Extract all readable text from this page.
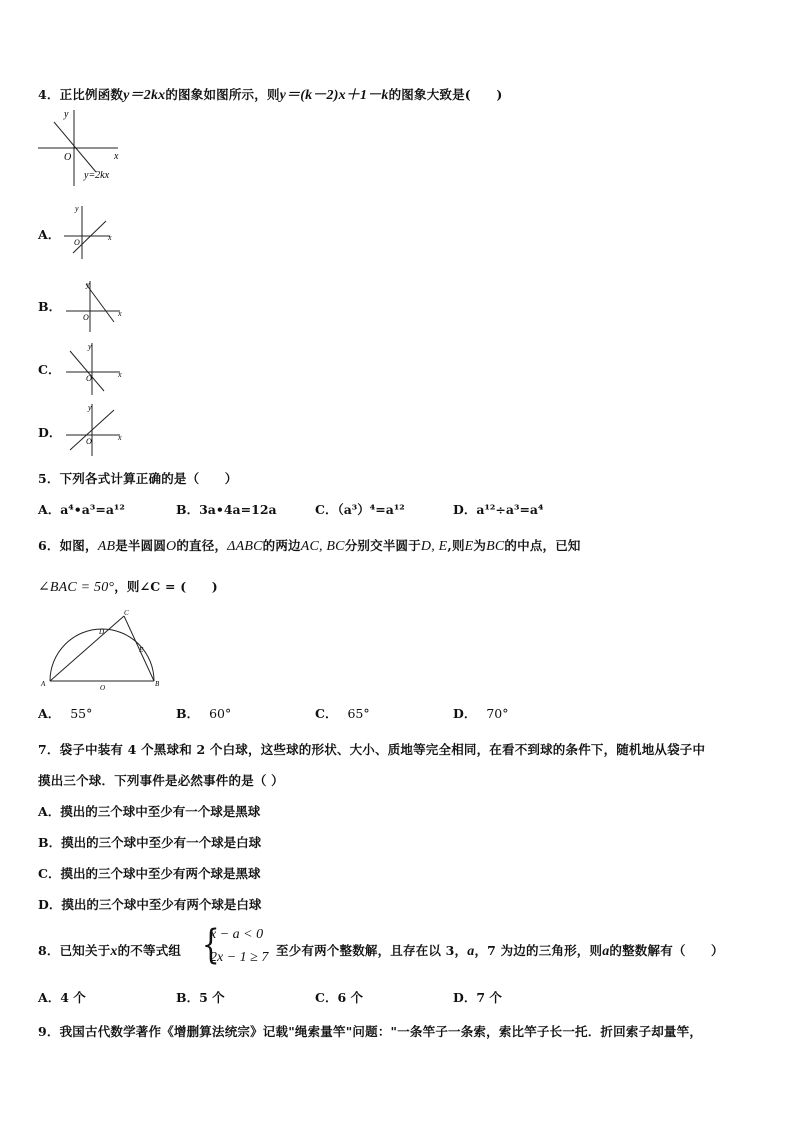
4．正比例函数y＝2kx的图象如图所示，则y＝(k－2)x＋1－k的图象大致是(　　)
y
x
O
y=2kx
A．
y
x
O
B．
y
x
O
C．
y
x
O
D．
y
x
O
5．下列各式计算正确的是（　　）
A．a⁴•a³=a¹²	B．3a•4a=12a	C．（a³）⁴=a¹²	D．a¹²÷a³=a⁴
6．如图，AB是半圆圆O的直径，ΔABC的两边AC, BC分别交半圆于D, E,则E为BC的中点，已知
∠BAC = 50°，则∠C = (　　)
A	B
C
D
E
O
A． 55°	B． 60°	C． 65°	D． 70°
7．袋子中装有 4 个黑球和 2 个白球，这些球的形状、大小、质地等完全相同，在看不到球的条件下，随机地从袋子中
摸出三个球．下列事件是必然事件的是（ ）
A．摸出的三个球中至少有一个球是黑球
B．摸出的三个球中至少有一个球是白球
C．摸出的三个球中至少有两个球是黑球
D．摸出的三个球中至少有两个球是白球
8．已知关于x的不等式组 {
x − a < 0
2x − 1 ≥ 7 至少有两个整数解，且存在以 3，a，7 为边的三角形，则a的整数解有（　　）
A．4 个	B．5 个	C．6 个	D．7 个
9．我国古代数学著作《增删算法统宗》记载"绳索量竿"问题："一条竿子一条索，索比竿子长一托．折回索子却量竿，
